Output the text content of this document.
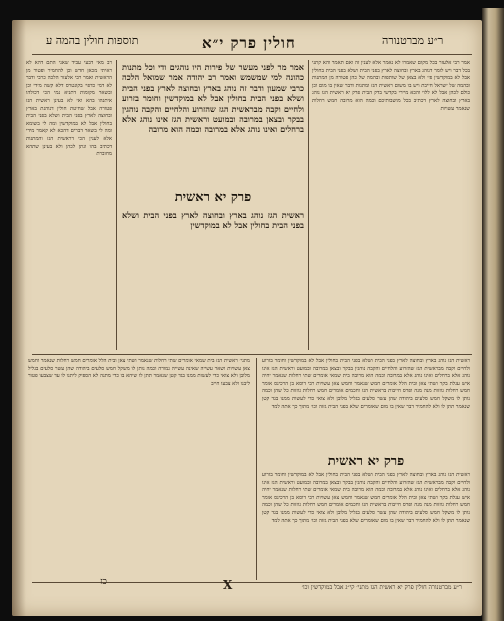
תוספות חולין בהמה ע	חולין פרק י״א	ר״ע מברטנורה

רב מאי דבעי עביד שאני התם דהא לא ראיתי מכאן חדש וכן להחמיר ופטור מן הראשית ואמר רבי אלעזר הלכה כרבי ודבר לא דמי כדפי׳ בקונטרס דלא קשה מידי וכן ובשאר מקומות דתניא נמי הכי דכולהו איתנהו בהא ואי לא בעינן ראשית הגז פטורה אבל שחיטת חולין דנוהגת בארץ ובחוצה לארץ בפני הבית ושלא בפני הבית בחולין אבל לא במוקדשין ומה לי בשומא ומה לי בשאר דברים דהכא לא קאמר מידי אלא לענין הכי דראשית הגז והמתנות דכתיב בהו ונתן לכהן ולא בעינן שתהא מחוברת

אמר מר לפני מעשר של פירות היו נוהגים ודי וכל מתנות כהונה למי שמשמש ואמר רב יהודה אמר שמואל הלכה כרבי שמעון ודבר זה נוהג בארץ ובחוצה לארץ בפני הבית ושלא בפני הבית בחולין אבל לא במוקדשין וחומר בזרוע ולחיים וקבה מבראשית הגז שהזרוע והלחיים והקבה נוהגין בבקר ובצאן במרובה ובמועט וראשית הגז אינו נוהג אלא ברחלים ואינו נוהג אלא במרובה וכמה הוא מרובה

פרק יא ראשית

ראשית הגז נוהג בארץ ובחוצה לארץ בפני הבית ושלא בפני הבית בחולין אבל לא במוקדשין

אמר רבי אלעזר בכל מקום שאמרו לא נאמר אלא לענין זה ואם תאמר והא קתני בכל דבר ויש לומר דנוהג בארץ ובחוצה לארץ בפני הבית ושלא בפני הבית בחולין אבל לא במוקדשין פי׳ ולא בצאן של שותפות ובהמה של כהן פטורה מן המתנות ובהמה של ישראל חייבת ויש בו משום ראשית הגז ומתנות ודבר שאין בו מום וכן כולם לכהן אבל לא ללוי והכא מיירי בקדשי בדק הבית פרק יא ראשית הגז נוהג בארץ ובחוצה לארץ דכתיב בכל מושבותיכם וכמה הוא מרובה חמש רחלות שנאמר עשויות

ראשית הגז נוהג בארץ ובחוצה לארץ בפני הבית ושלא בפני הבית בחולין אבל לא במוקדשין וחומר בזרוע ולחיים וקבה מבראשית הגז שהזרוע והלחיים והקבה נוהגין בבקר ובצאן במרובה ובמועט וראשית הגז אינו נוהג אלא ברחלים ואינו נוהג אלא במרובה וכמה הוא מרובה בית שמאי אומרים שתי רחלות שנאמר יחיה איש עגלת בקר ושתי צאן ובית הלל אומרים חמש שנאמר וחמש צאן עשויות רבי דוסא בן הרכינס אומר חמש רחלות גוזזות מנה מנה ופרס חייבות בראשית הגז וחכמים אומרים חמש רחלות גוזזות כל שהן וכמה נותן לו משקל חמש סלעים ביהודה שהן עשר סלעים בגליל מלובן ולא צואי כדי לעשות ממנו בגד קטן שנאמר תתן לו ולא להחמיר דבר שאין בו מום שאומרים שלא בפני הבית גזזה וכו׳ מתוך כך אתה למד

פרק יא ראשית

ראשית הגז נוהג בארץ ובחוצה לארץ בפני הבית ושלא בפני הבית בחולין אבל לא במוקדשין וחומר בזרוע ולחיים וקבה מבראשית הגז שהזרוע והלחיים והקבה נוהגין בבקר ובצאן במרובה ובמועט וראשית הגז אינו נוהג אלא ברחלים ואינו נוהג אלא במרובה וכמה הוא מרובה בית שמאי אומרים שתי רחלות שנאמר יחיה איש עגלת בקר ושתי צאן ובית הלל אומרים חמש שנאמר וחמש צאן עשויות רבי דוסא בן הרכינס אומר חמש רחלות גוזזות מנה מנה ופרס חייבות בראשית הגז וחכמים אומרים חמש רחלות גוזזות כל שהן וכמה נותן לו משקל חמש סלעים ביהודה שהן עשר סלעים בגליל מלובן ולא צואי כדי לעשות ממנו בגד קטן שנאמר תתן לו ולא להחמיר דבר שאין בו מום שאומרים שלא בפני הבית גזזה וכו׳ מתוך כך אתה למד

מתני׳ ראשית הגז בית שמאי אומרים שתי רחלות שנאמר ושתי צאן ובית הלל אומרים חמש רחלות שנאמר וחמש צאן עשויות ושאר עשייה שאינה עשייה גמורה וכמה נותן לו משקל חמש סלעים ביהודה שהן עשר סלעים בגליל מלובן ולא צואי כדי לעשות ממנו בגד קטן שנאמר תתן לו שיהא בו כדי מתנה לא הספיק ליתנו לו עד שצבעו פטור ליבנו ולא צבעו חייב

ר״ע מברטנורה חולין פרק יא ראשית הגז מתני׳ קי״ג אבל במוקדשין וכו׳
כז	X
